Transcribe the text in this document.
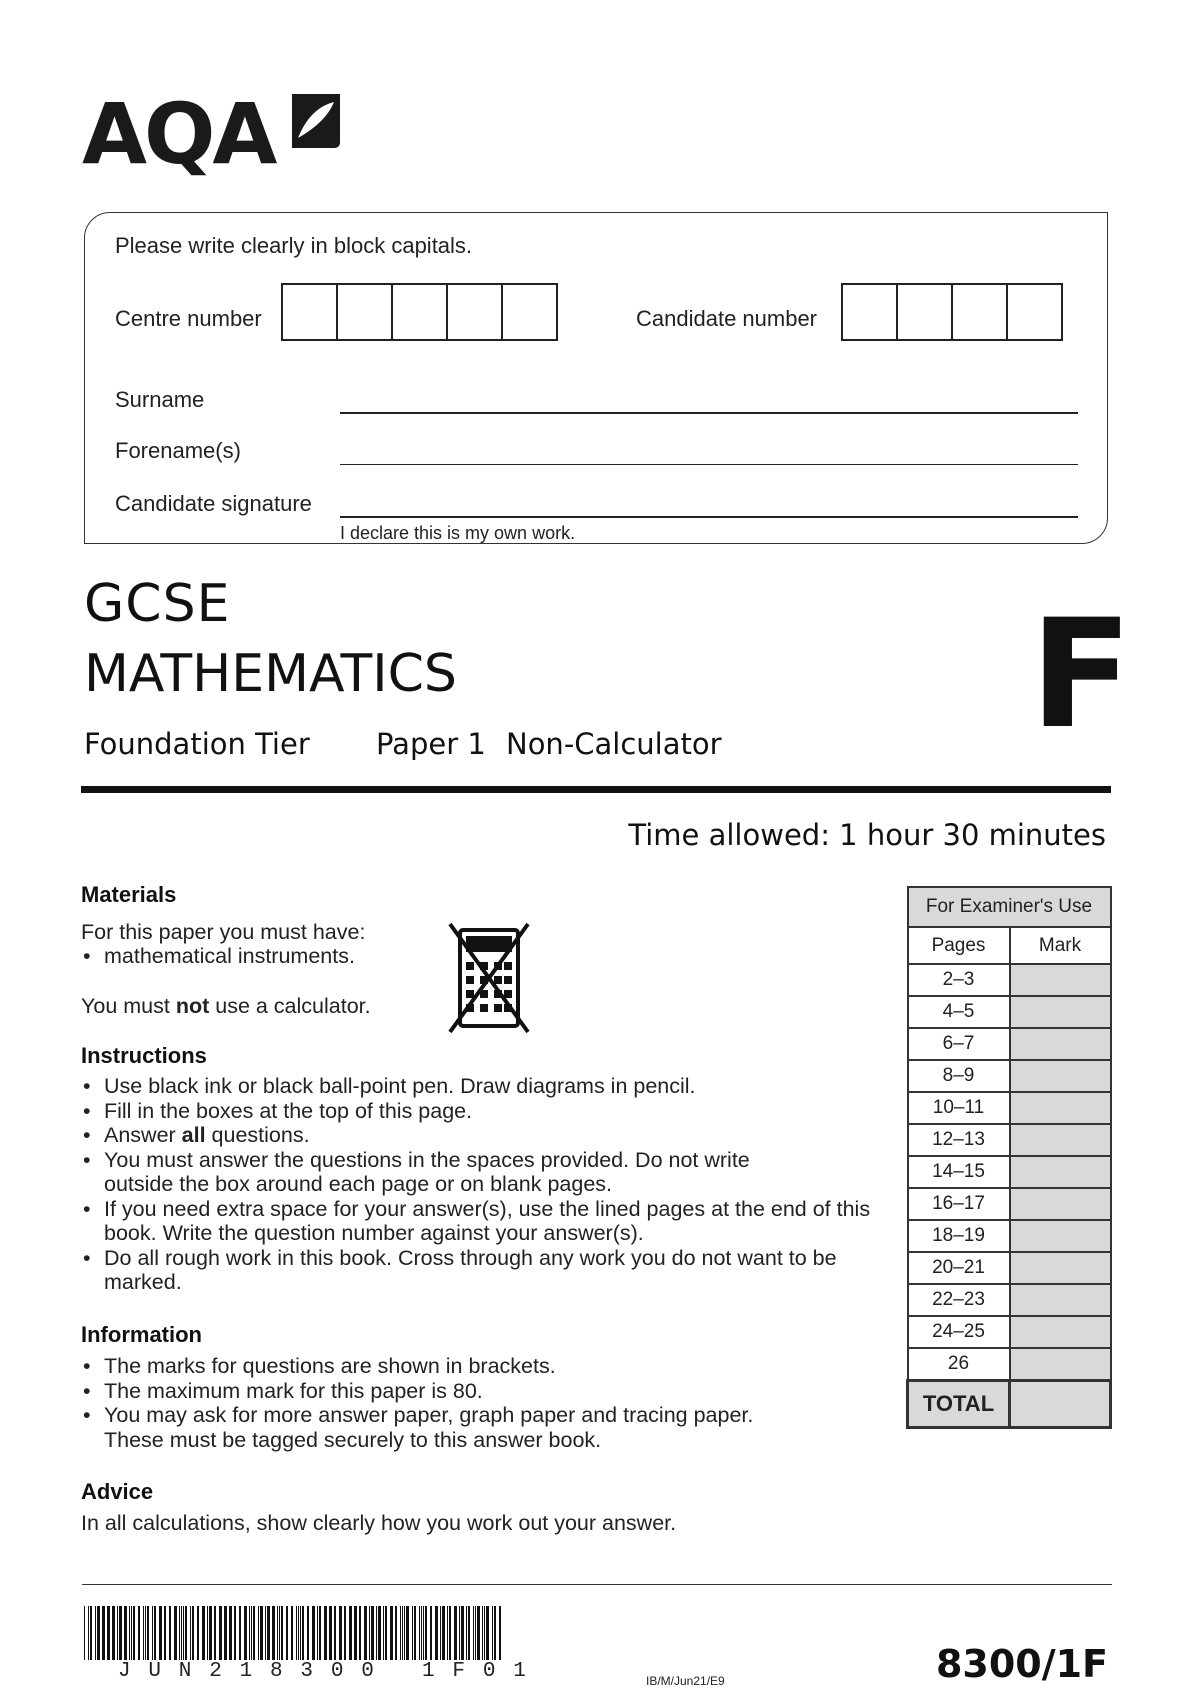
AQA
Please write clearly in block capitals.
Centre number	Candidate number
Surname
Forename(s)
Candidate signature
I declare this is my own work.
GCSE
MATHEMATICS
Foundation Tier Paper 1 Non-Calculator F
Time allowed: 1 hour 30 minutes
Materials
For this paper you must have:
• mathematical instruments.
You must not use a calculator.
Instructions
• Use black ink or black ball-point pen. Draw diagrams in pencil.
• Fill in the boxes at the top of this page.
• Answer all questions.
• You must answer the questions in the spaces provided. Do not write outside the box around each page or on blank pages.
• If you need extra space for your answer(s), use the lined pages at the end of this book. Write the question number against your answer(s).
• Do all rough work in this book. Cross through any work you do not want to be marked.
Information
• The marks for questions are shown in brackets.
• The maximum mark for this paper is 80.
• You may ask for more answer paper, graph paper and tracing paper. These must be tagged securely to this answer book.
Advice
In all calculations, show clearly how you work out your answer.
For Examiner's Use	
Pages	Mark
2–3	
4–5	
6–7	
8–9	
10–11	
12–13	
14–15	
16–17	
18–19	
20–21	
22–23	
24–25	
26	
TOTAL	
JUN218300 1F01	IB/M/Jun21/E9	8300/1F
